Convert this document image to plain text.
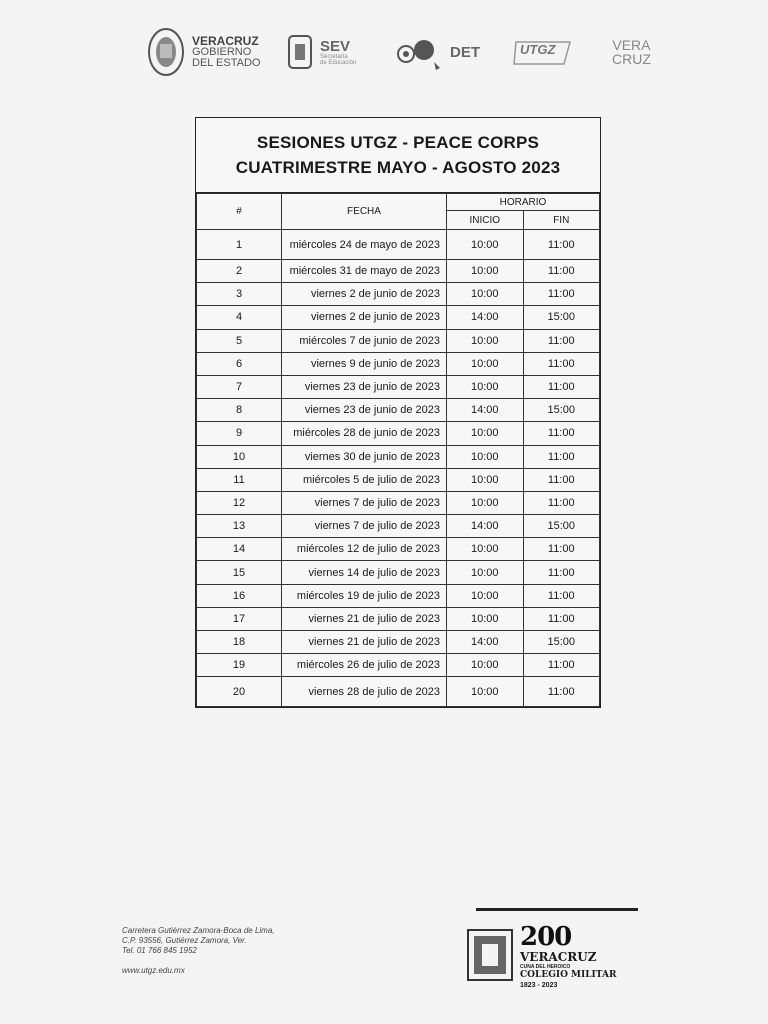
VERACRUZ
GOBIERNO
DEL ESTADO
SEV
Secretaría
de Educación
DET	UTGZ	VERA
CRUZ
SESIONES UTGZ - PEACE CORPS
CUATRIMESTRE MAYO - AGOSTO 2023
#	FECHA	HORARIO	
		INICIO	FIN
1	miércoles 24 de mayo de 2023	10:00	11:00
2	miércoles 31 de mayo de 2023	10:00	11:00
3	viernes 2 de junio de 2023	10:00	11:00
4	viernes 2 de junio de 2023	14:00	15:00
5	miércoles 7 de junio de 2023	10:00	11:00
6	viernes 9 de junio de 2023	10:00	11:00
7	viernes 23 de junio de 2023	10:00	11:00
8	viernes 23 de junio de 2023	14:00	15:00
9	miércoles 28 de junio de 2023	10:00	11:00
10	viernes 30 de junio de 2023	10:00	11:00
11	miércoles 5 de julio de 2023	10:00	11:00
12	viernes 7 de julio de 2023	10:00	11:00
13	viernes 7 de julio de 2023	14:00	15:00
14	miércoles 12 de julio de 2023	10:00	11:00
15	viernes 14 de julio de 2023	10:00	11:00
16	miércoles 19 de julio de 2023	10:00	11:00
17	viernes 21 de julio de 2023	10:00	11:00
18	viernes 21 de julio de 2023	14:00	15:00
19	miércoles 26 de julio de 2023	10:00	11:00
20	viernes 28 de julio de 2023	10:00	11:00
Carretera Gutiérrez Zamora-Boca de Lima,
C.P. 93556, Gutiérrez Zamora, Ver.
Tel. 01 766 845 1952
www.utgz.edu.mx
200
VERACRUZ
CUNA DEL HEROICO
COLEGIO MILITAR
1823 - 2023
